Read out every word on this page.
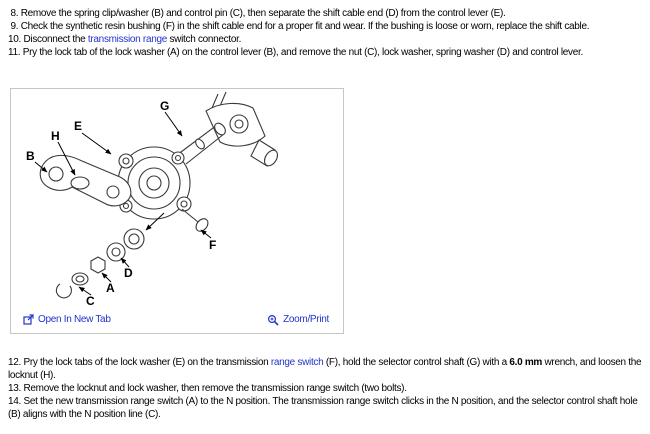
8. Remove the spring clip/washer (B) and control pin (C), then separate the shift cable end (D) from the control lever (E).
9. Check the synthetic resin bushing (F) in the shift cable end for a proper fit and wear. If the bushing is loose or worn, replace the shift cable.
10. Disconnect the transmission range switch connector.
11. Pry the lock tab of the lock washer (A) on the control lever (B), and remove the nut (C), lock washer, spring washer (D) and control lever.
G
E
H
B
F
D
A
C
Open In New Tab	Zoom/Print
12. Pry the lock tabs of the lock washer (E) on the transmission range switch (F), hold the selector control shaft (G) with a 6.0 mm wrench, and loosen the locknut (H).
13. Remove the locknut and lock washer, then remove the transmission range switch (two bolts).
14. Set the new transmission range switch (A) to the N position. The transmission range switch clicks in the N position, and the selector control shaft hole (B) aligns with the N position line (C).
